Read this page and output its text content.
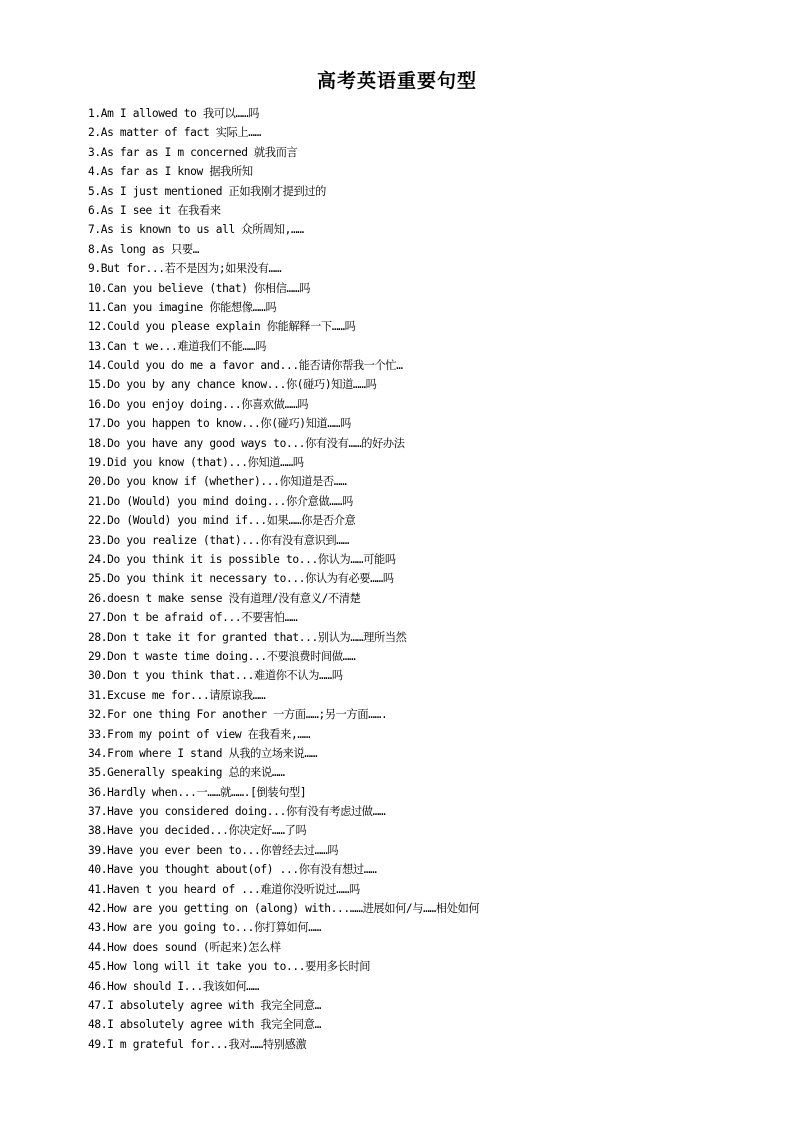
高考英语重要句型
1.Am I allowed to 我可以……吗
2.As matter of fact 实际上……
3.As far as I m concerned 就我而言
4.As far as I know 据我所知
5.As I just mentioned 正如我刚才提到过的
6.As I see it 在我看来
7.As is known to us all 众所周知,……
8.As long as 只要…
9.But for...若不是因为;如果没有……
10.Can you believe (that) 你相信……吗
11.Can you imagine 你能想像……吗
12.Could you please explain 你能解释一下……吗
13.Can t we...难道我们不能……吗
14.Could you do me a favor and...能否请你帮我一个忙…
15.Do you by any chance know...你(碰巧)知道……吗
16.Do you enjoy doing...你喜欢做……吗
17.Do you happen to know...你(碰巧)知道……吗
18.Do you have any good ways to...你有没有……的好办法
19.Did you know (that)...你知道……吗
20.Do you know if (whether)...你知道是否……
21.Do (Would) you mind doing...你介意做……吗
22.Do (Would) you mind if...如果……你是否介意
23.Do you realize (that)...你有没有意识到……
24.Do you think it is possible to...你认为……可能吗
25.Do you think it necessary to...你认为有必要……吗
26.doesn t make sense 没有道理/没有意义/不清楚
27.Don t be afraid of...不要害怕……
28.Don t take it for granted that...别认为……理所当然
29.Don t waste time doing...不要浪费时间做……
30.Don t you think that...难道你不认为……吗
31.Excuse me for...请原谅我……
32.For one thing For another 一方面……;另一方面…….
33.From my point of view 在我看来,……
34.From where I stand 从我的立场来说……
35.Generally speaking 总的来说……
36.Hardly when...一……就…….[倒装句型]
37.Have you considered doing...你有没有考虑过做……
38.Have you decided...你决定好……了吗
39.Have you ever been to...你曾经去过……吗
40.Have you thought about(of) ...你有没有想过……
41.Haven t you heard of ...难道你没听说过……吗
42.How are you getting on (along) with...……进展如何/与……相处如何
43.How are you going to...你打算如何……
44.How does sound (听起来)怎么样
45.How long will it take you to...要用多长时间
46.How should I...我该如何……
47.I absolutely agree with 我完全同意…
48.I absolutely agree with 我完全同意…
49.I m grateful for...我对……特别感激
